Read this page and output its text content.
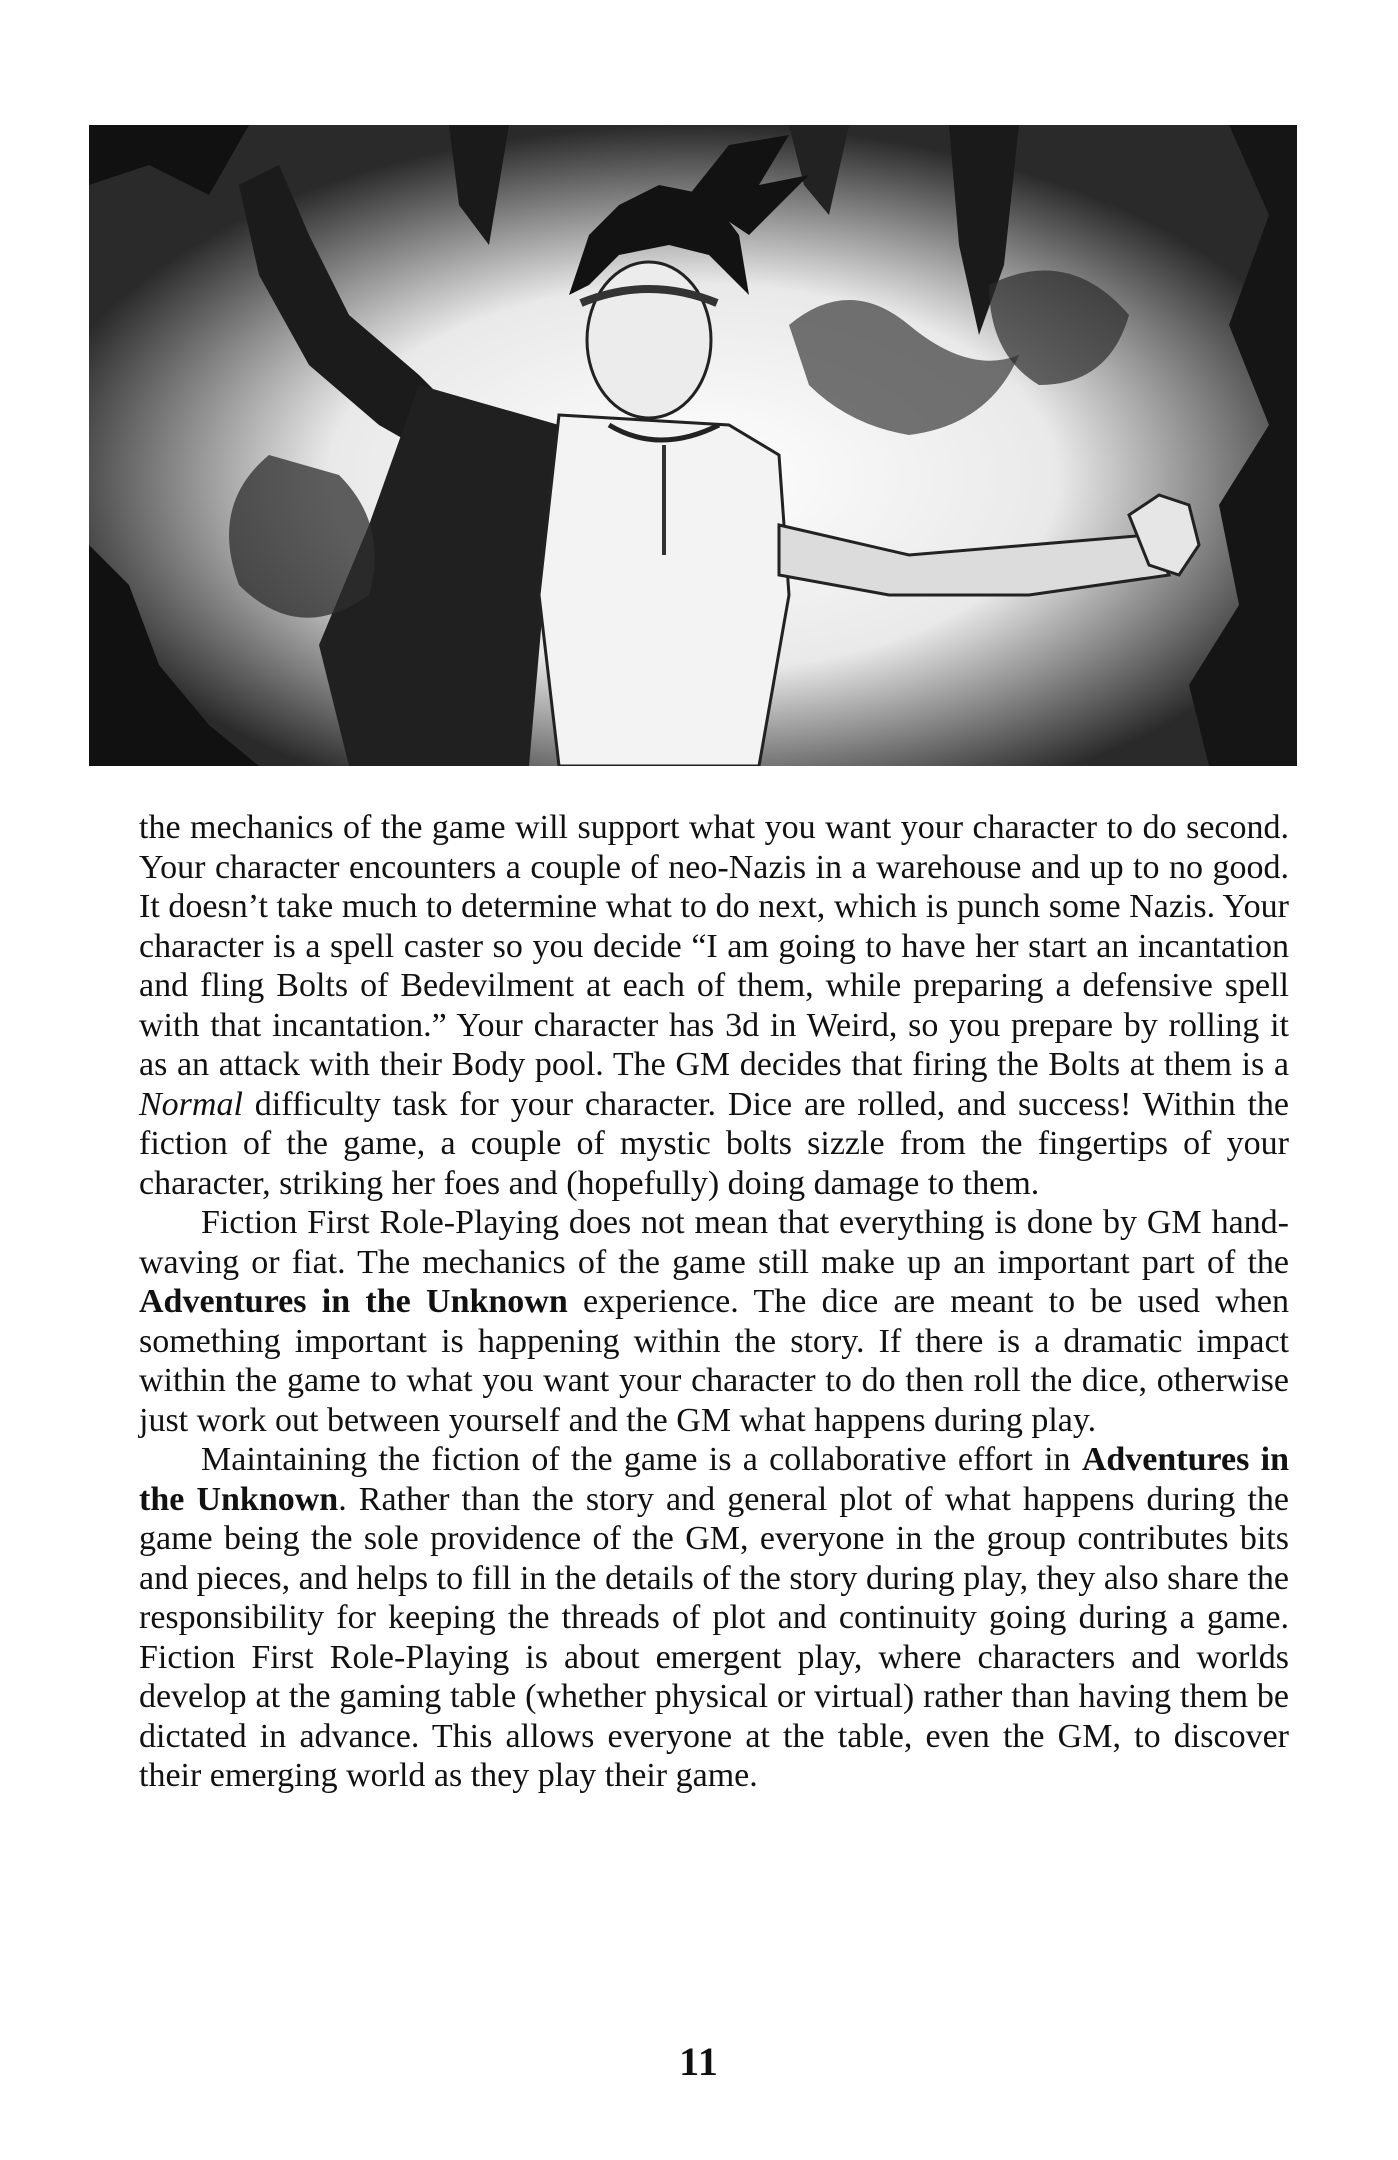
the mechanics of the game will support what you want your character to do second. Your character encounters a couple of neo-Nazis in a warehouse and up to no good. It doesn’t take much to determine what to do next, which is punch some Nazis. Your character is a spell caster so you decide “I am going to have her start an incantation and fling Bolts of Bedevilment at each of them, while preparing a defensive spell with that incantation.” Your character has 3d in Weird, so you prepare by rolling it as an attack with their Body pool. The GM decides that firing the Bolts at them is a Normal difficulty task for your character. Dice are rolled, and success! Within the fiction of the game, a couple of mystic bolts sizzle from the fingertips of your character, striking her foes and (hopefully) doing damage to them.

Fiction First Role-Playing does not mean that everything is done by GM hand-waving or fiat. The mechanics of the game still make up an important part of the Adventures in the Unknown experience. The dice are meant to be used when something important is happening within the story. If there is a dramatic impact within the game to what you want your character to do then roll the dice, otherwise just work out between yourself and the GM what happens during play.

Maintaining the fiction of the game is a collaborative effort in Adventures in the Unknown. Rather than the story and general plot of what happens during the game being the sole providence of the GM, everyone in the group contributes bits and pieces, and helps to fill in the details of the story during play, they also share the responsibility for keeping the threads of plot and continuity going during a game. Fiction First Role-Playing is about emergent play, where characters and worlds develop at the gaming table (whether physical or virtual) rather than having them be dictated in advance. This allows everyone at the table, even the GM, to discover their emerging world as they play their game.

11
